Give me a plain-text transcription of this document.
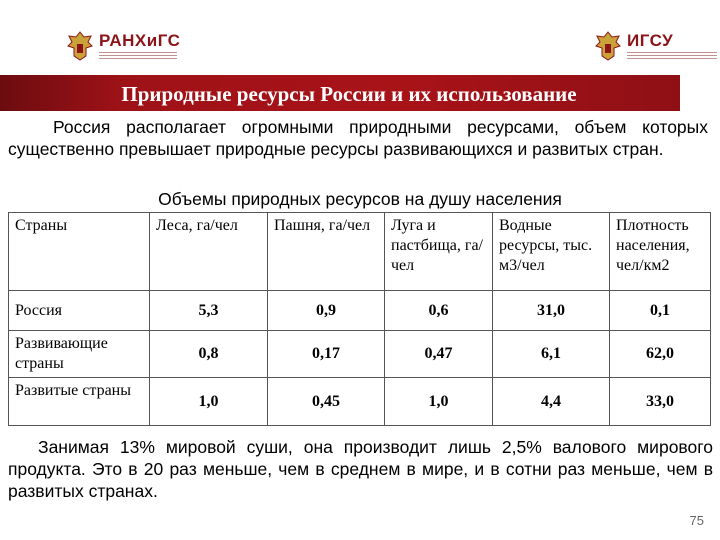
РАНХиГС	ИГСУ
Природные ресурсы России и их использование
Россия располагает огромными природными ресурсами, объем которых существенно превышает природные ресурсы развивающихся и развитых стран.
Объемы природных ресурсов на душу населения
Страны	Леса, га/чел	Пашня, га/чел	Луга и пастбища, га/чел	Водные ресурсы, тыс. м3/чел	Плотность населения, чел/км2
Россия	5,3	0,9	0,6	31,0	0,1
Развивающие страны	0,8	0,17	0,47	6,1	62,0
Развитые страны	1,0	0,45	1,0	4,4	33,0
Занимая 13% мировой суши, она производит лишь 2,5% валового мирового продукта. Это в 20 раз меньше, чем в среднем в мире, и в сотни раз меньше, чем в развитых странах.
75
